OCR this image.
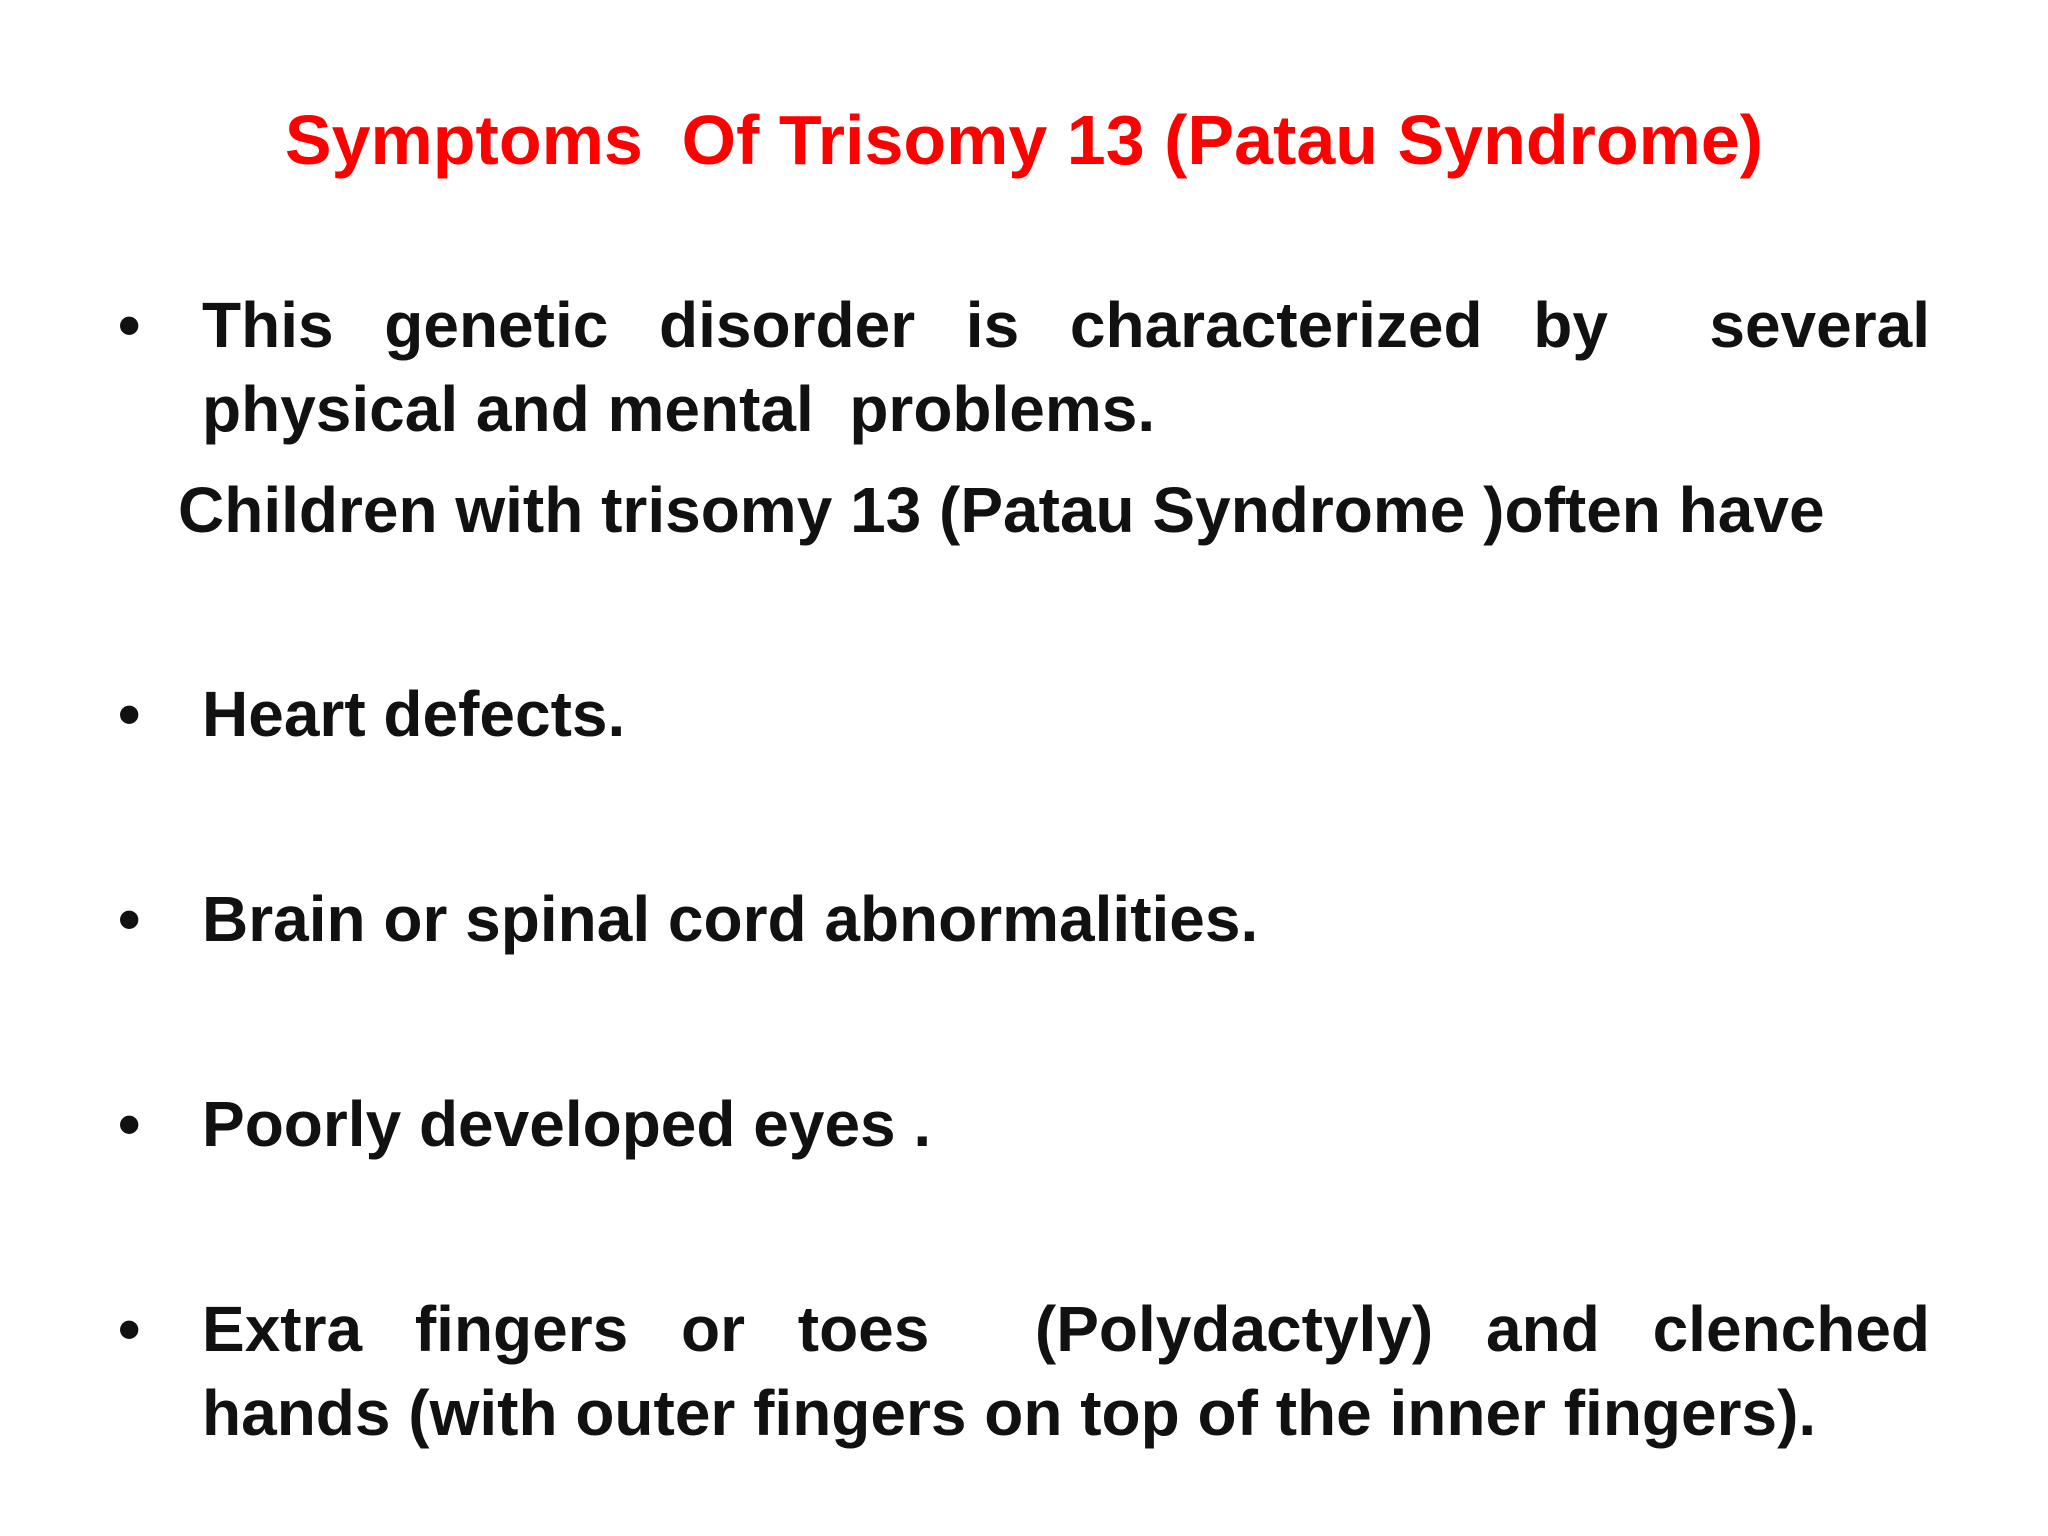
Symptoms  Of Trisomy 13 (Patau Syndrome)
• This  genetic  disorder  is  characterized  by    several physical and mental  problems.
Children with trisomy 13 (Patau Syndrome )often have
• Heart defects.
• Brain or spinal cord abnormalities.
• Poorly developed eyes .
• Extra  fingers  or  toes    (Polydactyly)  and  clenched hands (with outer fingers on top of the inner fingers).
